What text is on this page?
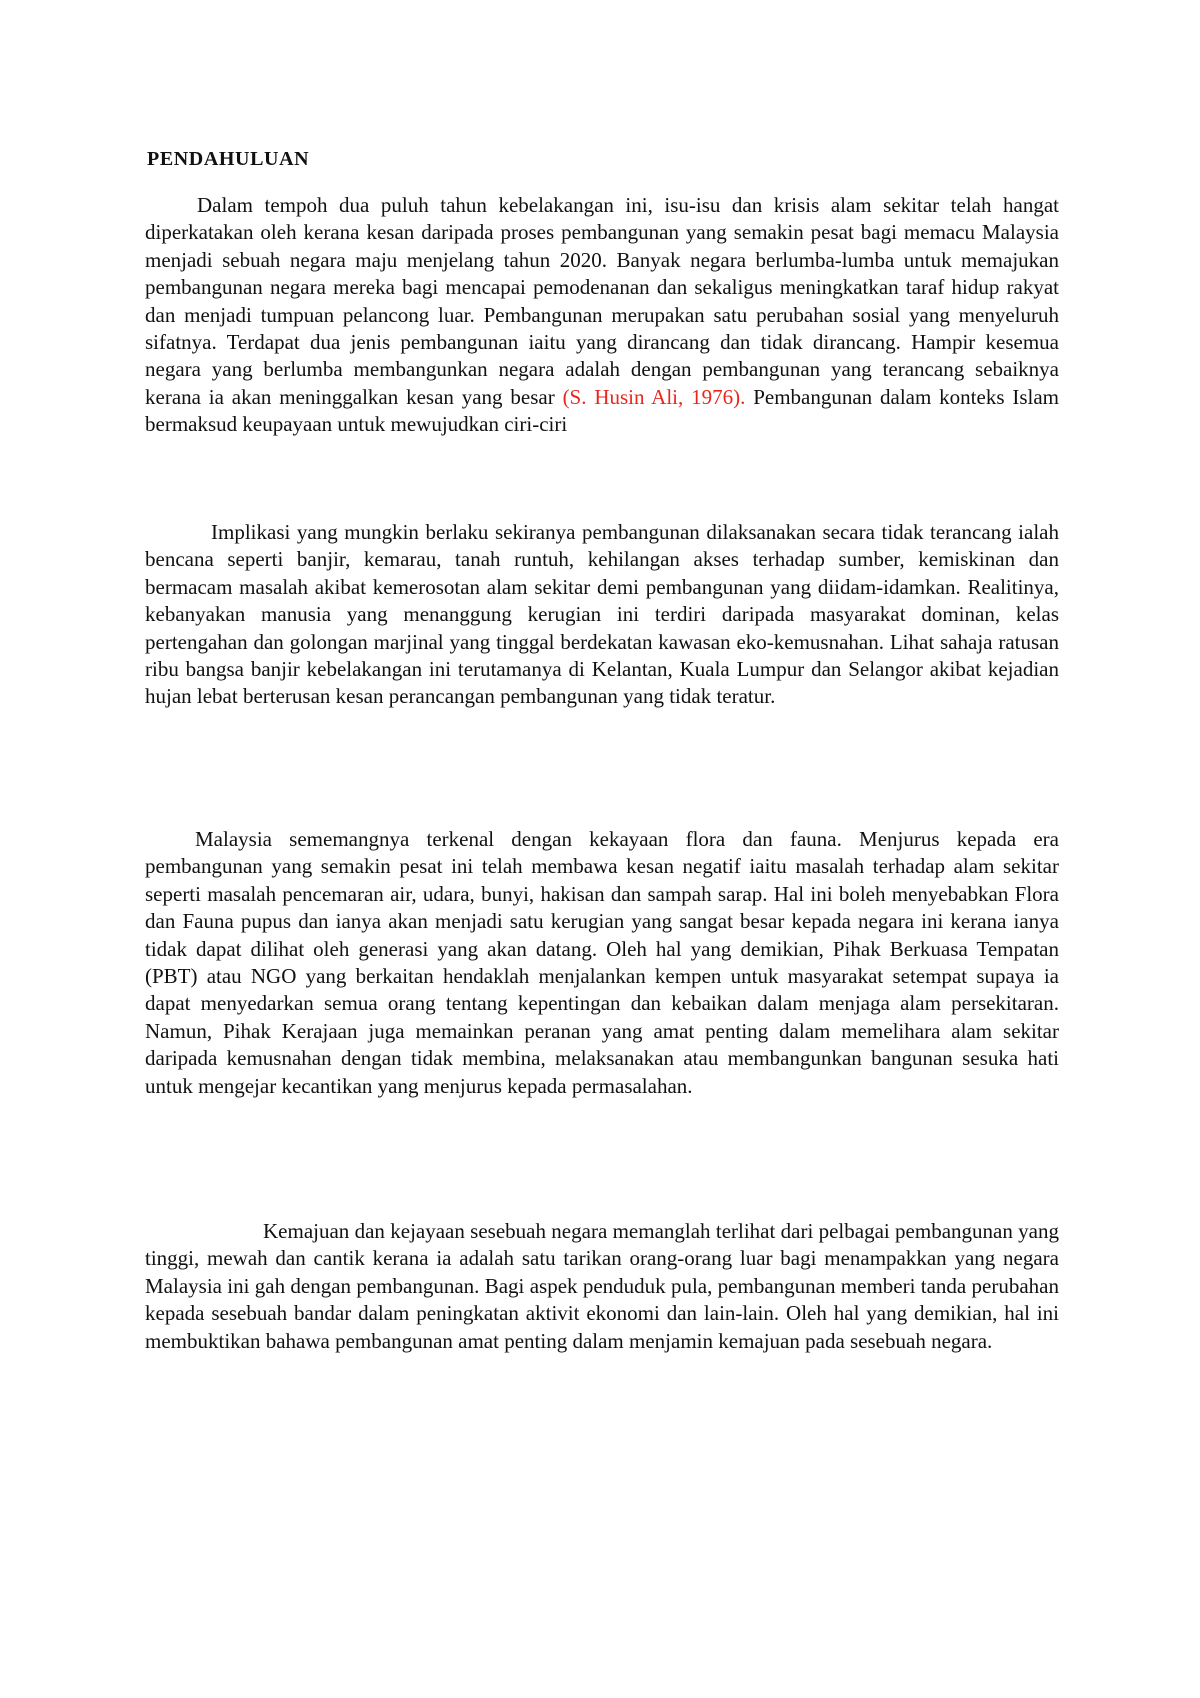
PENDAHULUAN

Dalam tempoh dua puluh tahun kebelakangan ini, isu-isu dan krisis alam sekitar telah hangat diperkatakan oleh kerana kesan daripada proses pembangunan yang semakin pesat bagi memacu Malaysia menjadi sebuah negara maju menjelang tahun 2020. Banyak negara berlumba-lumba untuk memajukan pembangunan negara mereka bagi mencapai pemodenanan dan sekaligus meningkatkan taraf hidup rakyat dan menjadi tumpuan pelancong luar. Pembangunan merupakan satu perubahan sosial yang menyeluruh sifatnya. Terdapat dua jenis pembangunan iaitu yang dirancang dan tidak dirancang. Hampir kesemua negara yang berlumba membangunkan negara adalah dengan pembangunan yang terancang sebaiknya kerana ia akan meninggalkan kesan yang besar (S. Husin Ali, 1976). Pembangunan dalam konteks Islam bermaksud keupayaan untuk mewujudkan ciri-ciri

Implikasi yang mungkin berlaku sekiranya pembangunan dilaksanakan secara tidak terancang ialah bencana seperti banjir, kemarau, tanah runtuh, kehilangan akses terhadap sumber, kemiskinan dan bermacam masalah akibat kemerosotan alam sekitar demi pembangunan yang diidam-idamkan. Realitinya, kebanyakan manusia yang menanggung kerugian ini terdiri daripada masyarakat dominan, kelas pertengahan dan golongan marjinal yang tinggal berdekatan kawasan eko-kemusnahan. Lihat sahaja ratusan ribu bangsa banjir kebelakangan ini terutamanya di Kelantan, Kuala Lumpur dan Selangor akibat kejadian hujan lebat berterusan kesan perancangan pembangunan yang tidak teratur.

Malaysia sememangnya terkenal dengan kekayaan flora dan fauna. Menjurus kepada era pembangunan yang semakin pesat ini telah membawa kesan negatif iaitu masalah terhadap alam sekitar seperti masalah pencemaran air, udara, bunyi, hakisan dan sampah sarap. Hal ini boleh menyebabkan Flora dan Fauna pupus dan ianya akan menjadi satu kerugian yang sangat besar kepada negara ini kerana ianya tidak dapat dilihat oleh generasi yang akan datang. Oleh hal yang demikian, Pihak Berkuasa Tempatan (PBT) atau NGO yang berkaitan hendaklah menjalankan kempen untuk masyarakat setempat supaya ia dapat menyedarkan semua orang tentang kepentingan dan kebaikan dalam menjaga alam persekitaran. Namun, Pihak Kerajaan juga memainkan peranan yang amat penting dalam memelihara alam sekitar daripada kemusnahan dengan tidak membina, melaksanakan atau membangunkan bangunan sesuka hati untuk mengejar kecantikan yang menjurus kepada permasalahan.

Kemajuan dan kejayaan sesebuah negara memanglah terlihat dari pelbagai pembangunan yang tinggi, mewah dan cantik kerana ia adalah satu tarikan orang-orang luar bagi menampakkan yang negara Malaysia ini gah dengan pembangunan. Bagi aspek penduduk pula, pembangunan memberi tanda perubahan kepada sesebuah bandar dalam peningkatan aktivit ekonomi dan lain-lain. Oleh hal yang demikian, hal ini membuktikan bahawa pembangunan amat penting dalam menjamin kemajuan pada sesebuah negara.
